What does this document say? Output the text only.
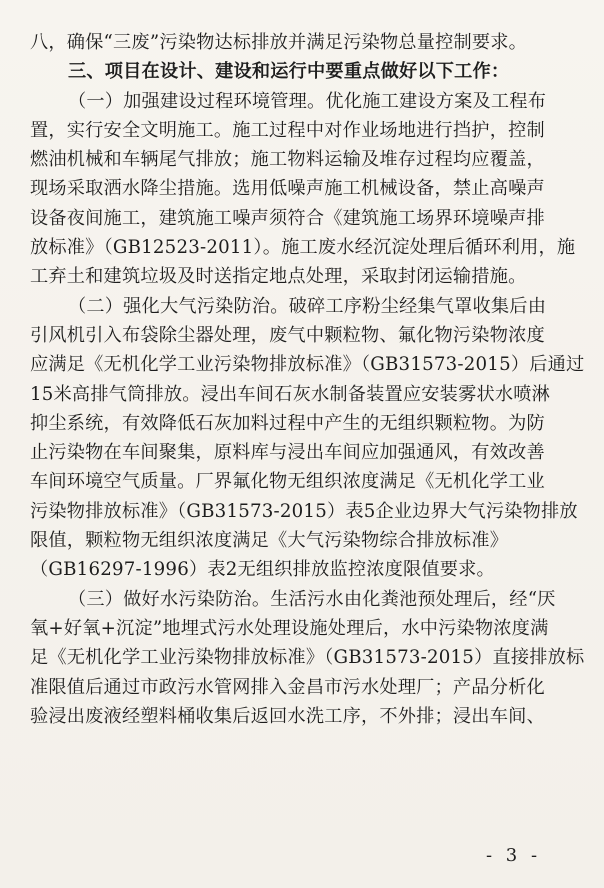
八，确保“三废”污染物达标排放并满足污染物总量控制要求。
三、项目在设计、建设和运行中要重点做好以下工作：
（一）加强建设过程环境管理。优化施工建设方案及工程布
置，实行安全文明施工。施工过程中对作业场地进行挡护，控制
燃油机械和车辆尾气排放；施工物料运输及堆存过程均应覆盖，
现场采取洒水降尘措施。选用低噪声施工机械设备，禁止高噪声
设备夜间施工，建筑施工噪声须符合《建筑施工场界环境噪声排
放标准》（GB12523-2011）。施工废水经沉淀处理后循环利用，施
工弃土和建筑垃圾及时送指定地点处理，采取封闭运输措施。
（二）强化大气污染防治。破碎工序粉尘经集气罩收集后由
引风机引入布袋除尘器处理，废气中颗粒物、氟化物污染物浓度
应满足《无机化学工业污染物排放标准》（GB31573-2015）后通过
15米高排气筒排放。浸出车间石灰水制备装置应安装雾状水喷淋
抑尘系统，有效降低石灰加料过程中产生的无组织颗粒物。为防
止污染物在车间聚集，原料库与浸出车间应加强通风，有效改善
车间环境空气质量。厂界氟化物无组织浓度满足《无机化学工业
污染物排放标准》（GB31573-2015）表5企业边界大气污染物排放
限值，颗粒物无组织浓度满足《大气污染物综合排放标准》
（GB16297-1996）表2无组织排放监控浓度限值要求。
（三）做好水污染防治。生活污水由化粪池预处理后，经“厌
氧+好氧+沉淀”地埋式污水处理设施处理后，水中污染物浓度满
足《无机化学工业污染物排放标准》（GB31573-2015）直接排放标
准限值后通过市政污水管网排入金昌市污水处理厂；产品分析化
验浸出废液经塑料桶收集后返回水洗工序，不外排；浸出车间、
- 3 -
